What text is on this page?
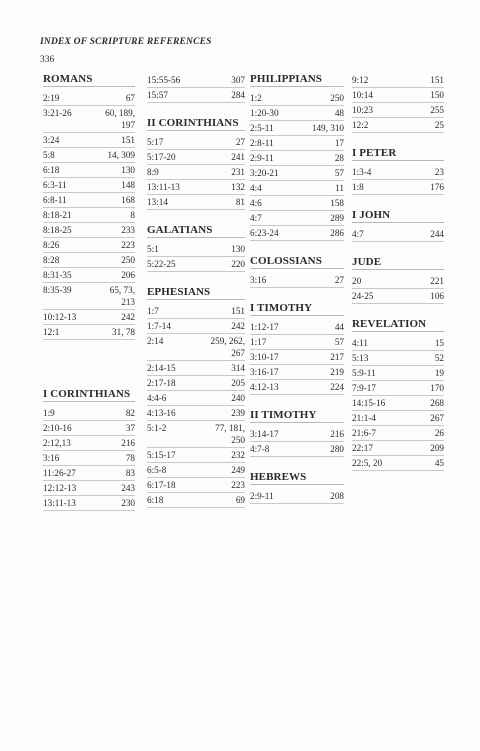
INDEX OF SCRIPTURE REFERENCES
336
ROMANS
2:19	67
3:21-26	60, 189,
197
3:24	151
5:8	14, 309
6:18	130
6:3-11	148
6:8-11	168
8:18-21	8
8:18-25	233
8:26	223
8:28	250
8:31-35	206
8:35-39	65, 73,
213
10:12-13	242
12:1	31, 78
I CORINTHIANS
1:9	82
2:10-16	37
2:12,13	216
3:16	78
11:26-27	83
12:12-13	243
13:11-13	230
15:55-56	307
15:57	284
II CORINTHIANS
5:17	27
5:17-20	241
8:9	231
13:11-13	132
13:14	81
GALATIANS
5:1	130
5:22-25	220
EPHESIANS
1:7	151
1:7-14	242
2:14	259, 262,
267
2:14-15	314
2:17-18	205
4:4-6	240
4:13-16	239
5:1-2	77, 181,
250
5:15-17	232
6:5-8	249
6:17-18	223
6:18	69
PHILIPPIANS
1:2	250
1:20-30	48
2:5-11	149, 310
2:8-11	17
2:9-11	28
3:20-21	57
4:4	11
4:6	158
4:7	289
6:23-24	286
COLOSSIANS
3:16	27
I TIMOTHY
1:12-17	44
1:17	57
3:10-17	217
3:16-17	219
4:12-13	224
II TIMOTHY
3:14-17	216
4:7-8	280
HEBREWS
2:9-11	208
9:12	151
10:14	150
10:23	255
12:2	25
I PETER
1:3-4	23
1:8	176
I JOHN
4:7	244
JUDE
20	221
24-25	106
REVELATION
4:11	15
5:13	52
5:9-11	19
7:9-17	170
14:15-16	268
21:1-4	267
21:6-7	26
22:17	209
22:5, 20	45
